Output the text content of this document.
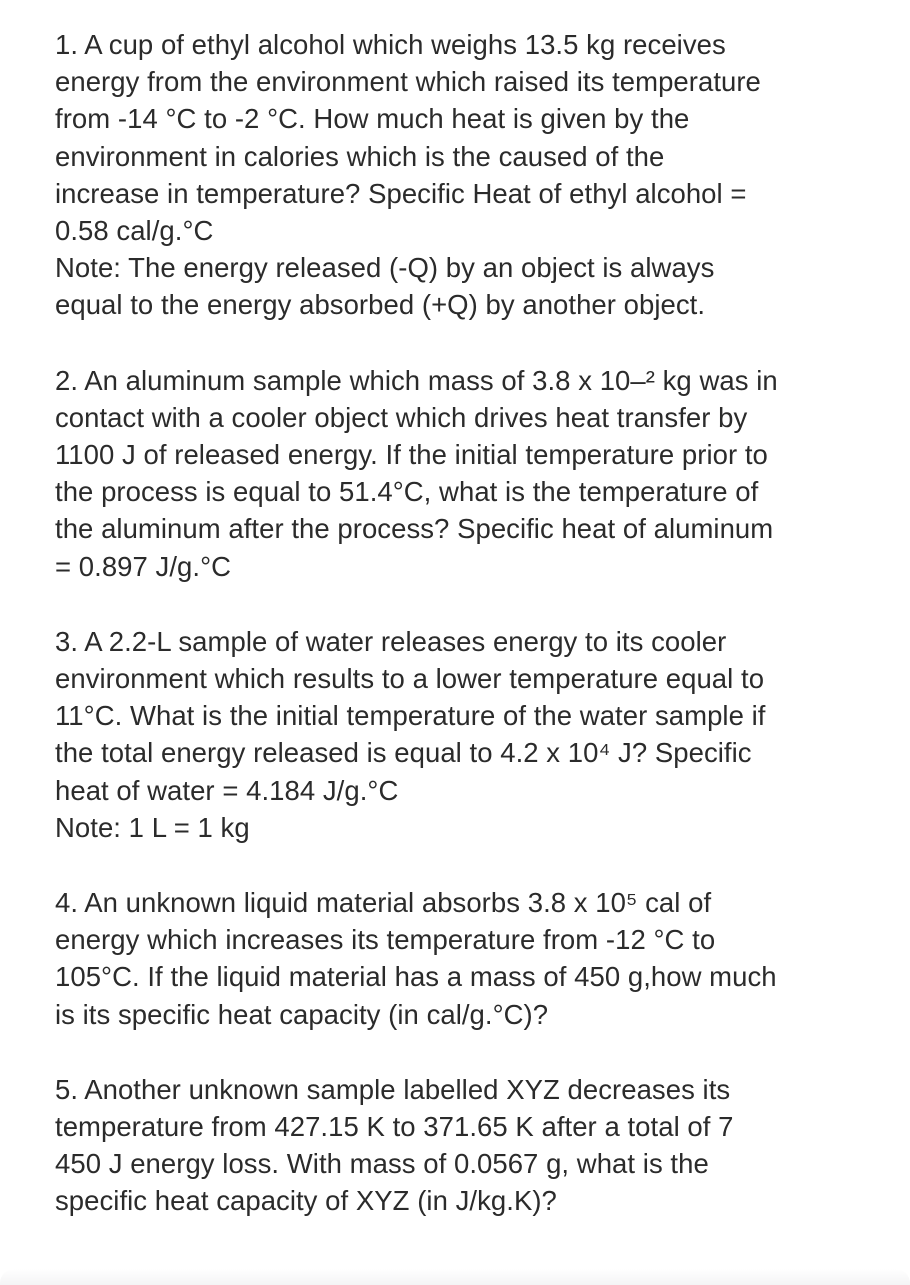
1. A cup of ethyl alcohol which weighs 13.5 kg receives
energy from the environment which raised its temperature
from -14 °C to -2 °C. How much heat is given by the
environment in calories which is the caused of the
increase in temperature? Specific Heat of ethyl alcohol =
0.58 cal/g.°C
Note: The energy released (-Q) by an object is always
equal to the energy absorbed (+Q) by another object.
2. An aluminum sample which mass of 3.8 x 10–² kg was in
contact with a cooler object which drives heat transfer by
1100 J of released energy. If the initial temperature prior to
the process is equal to 51.4°C, what is the temperature of
the aluminum after the process? Specific heat of aluminum
= 0.897 J/g.°C
3. A 2.2-L sample of water releases energy to its cooler
environment which results to a lower temperature equal to
11°C. What is the initial temperature of the water sample if
the total energy released is equal to 4.2 x 10⁴ J? Specific
heat of water = 4.184 J/g.°C
Note: 1 L = 1 kg
4. An unknown liquid material absorbs 3.8 x 10⁵ cal of
energy which increases its temperature from -12 °C to
105°C. If the liquid material has a mass of 450 g,how much
is its specific heat capacity (in cal/g.°C)?
5. Another unknown sample labelled XYZ decreases its
temperature from 427.15 K to 371.65 K after a total of 7
450 J energy loss. With mass of 0.0567 g, what is the
specific heat capacity of XYZ (in J/kg.K)?
